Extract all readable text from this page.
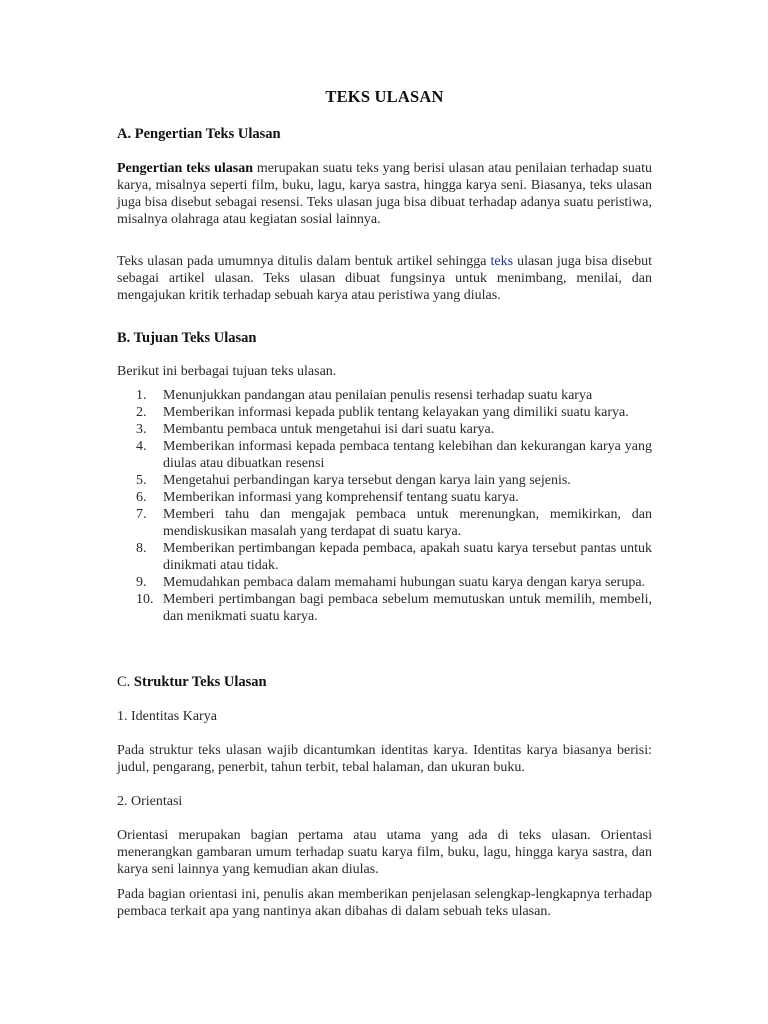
TEKS ULASAN
A. Pengertian Teks Ulasan

Pengertian teks ulasan merupakan suatu teks yang berisi ulasan atau penilaian terhadap suatu karya, misalnya seperti film, buku, lagu, karya sastra, hingga karya seni. Biasanya, teks ulasan juga bisa disebut sebagai resensi. Teks ulasan juga bisa dibuat terhadap adanya suatu peristiwa, misalnya olahraga atau kegiatan sosial lainnya.

Teks ulasan pada umumnya ditulis dalam bentuk artikel sehingga teks ulasan juga bisa disebut sebagai artikel ulasan. Teks ulasan dibuat fungsinya untuk menimbang, menilai, dan mengajukan kritik terhadap sebuah karya atau peristiwa yang diulas.

B. Tujuan Teks Ulasan

Berikut ini berbagai tujuan teks ulasan.

1.	Menunjukkan pandangan atau penilaian penulis resensi terhadap suatu karya
2.	Memberikan informasi kepada publik tentang kelayakan yang dimiliki suatu karya.
3.	Membantu pembaca untuk mengetahui isi dari suatu karya.
4.	Memberikan informasi kepada pembaca tentang kelebihan dan kekurangan karya yang diulas atau dibuatkan resensi
5.	Mengetahui perbandingan karya tersebut dengan karya lain yang sejenis.
6.	Memberikan informasi yang komprehensif tentang suatu karya.
7.	Memberi tahu dan mengajak pembaca untuk merenungkan, memikirkan, dan mendiskusikan masalah yang terdapat di suatu karya.
8.	Memberikan pertimbangan kepada pembaca, apakah suatu karya tersebut pantas untuk dinikmati atau tidak.
9.	Memudahkan pembaca dalam memahami hubungan suatu karya dengan karya serupa.
10. Memberi pertimbangan bagi pembaca sebelum memutuskan untuk memilih, membeli, dan menikmati suatu karya.
C. Struktur Teks Ulasan

1. Identitas Karya

Pada struktur teks ulasan wajib dicantumkan identitas karya. Identitas karya biasanya berisi: judul, pengarang, penerbit, tahun terbit, tebal halaman, dan ukuran buku.

2. Orientasi

Orientasi merupakan bagian pertama atau utama yang ada di teks ulasan. Orientasi menerangkan gambaran umum terhadap suatu karya film, buku, lagu, hingga karya sastra, dan karya seni lainnya yang kemudian akan diulas.

Pada bagian orientasi ini, penulis akan memberikan penjelasan selengkap-lengkapnya terhadap pembaca terkait apa yang nantinya akan dibahas di dalam sebuah teks ulasan.
